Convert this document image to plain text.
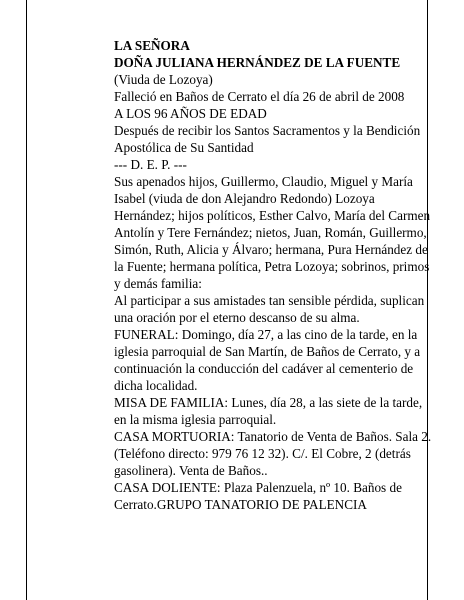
LA SEÑORA

DOÑA JULIANA HERNÁNDEZ DE LA FUENTE

(Viuda de Lozoya)

Falleció en Baños de Cerrato el día 26 de abril de 2008

A LOS 96 AÑOS DE EDAD

Después de recibir los Santos Sacramentos y la Bendición Apostólica de Su Santidad

--- D. E. P. ---

Sus apenados hijos, Guillermo, Claudio, Miguel y María Isabel (viuda de don Alejandro Redondo) Lozoya Hernández; hijos políticos, Esther Calvo, María del Carmen Antolín y Tere Fernández; nietos, Juan, Román, Guillermo, Simón, Ruth, Alicia y Álvaro; hermana, Pura Hernández de la Fuente; hermana política, Petra Lozoya; sobrinos, primos y demás familia:

Al participar a sus amistades tan sensible pérdida, suplican una oración por el eterno descanso de su alma.

FUNERAL: Domingo, día 27, a las cino de la tarde, en la iglesia parroquial de San Martín, de Baños de Cerrato, y a continuación la conducción del cadáver al cementerio de dicha localidad.

MISA DE FAMILIA: Lunes, día 28, a las siete de la tarde, en la misma iglesia parroquial.

CASA MORTUORIA: Tanatorio de Venta de Baños. Sala 2. (Teléfono directo: 979 76 12 32). C/. El Cobre, 2 (detrás gasolinera). Venta de Baños..

CASA DOLIENTE: Plaza Palenzuela, nº 10. Baños de Cerrato.GRUPO TANATORIO DE PALENCIA
